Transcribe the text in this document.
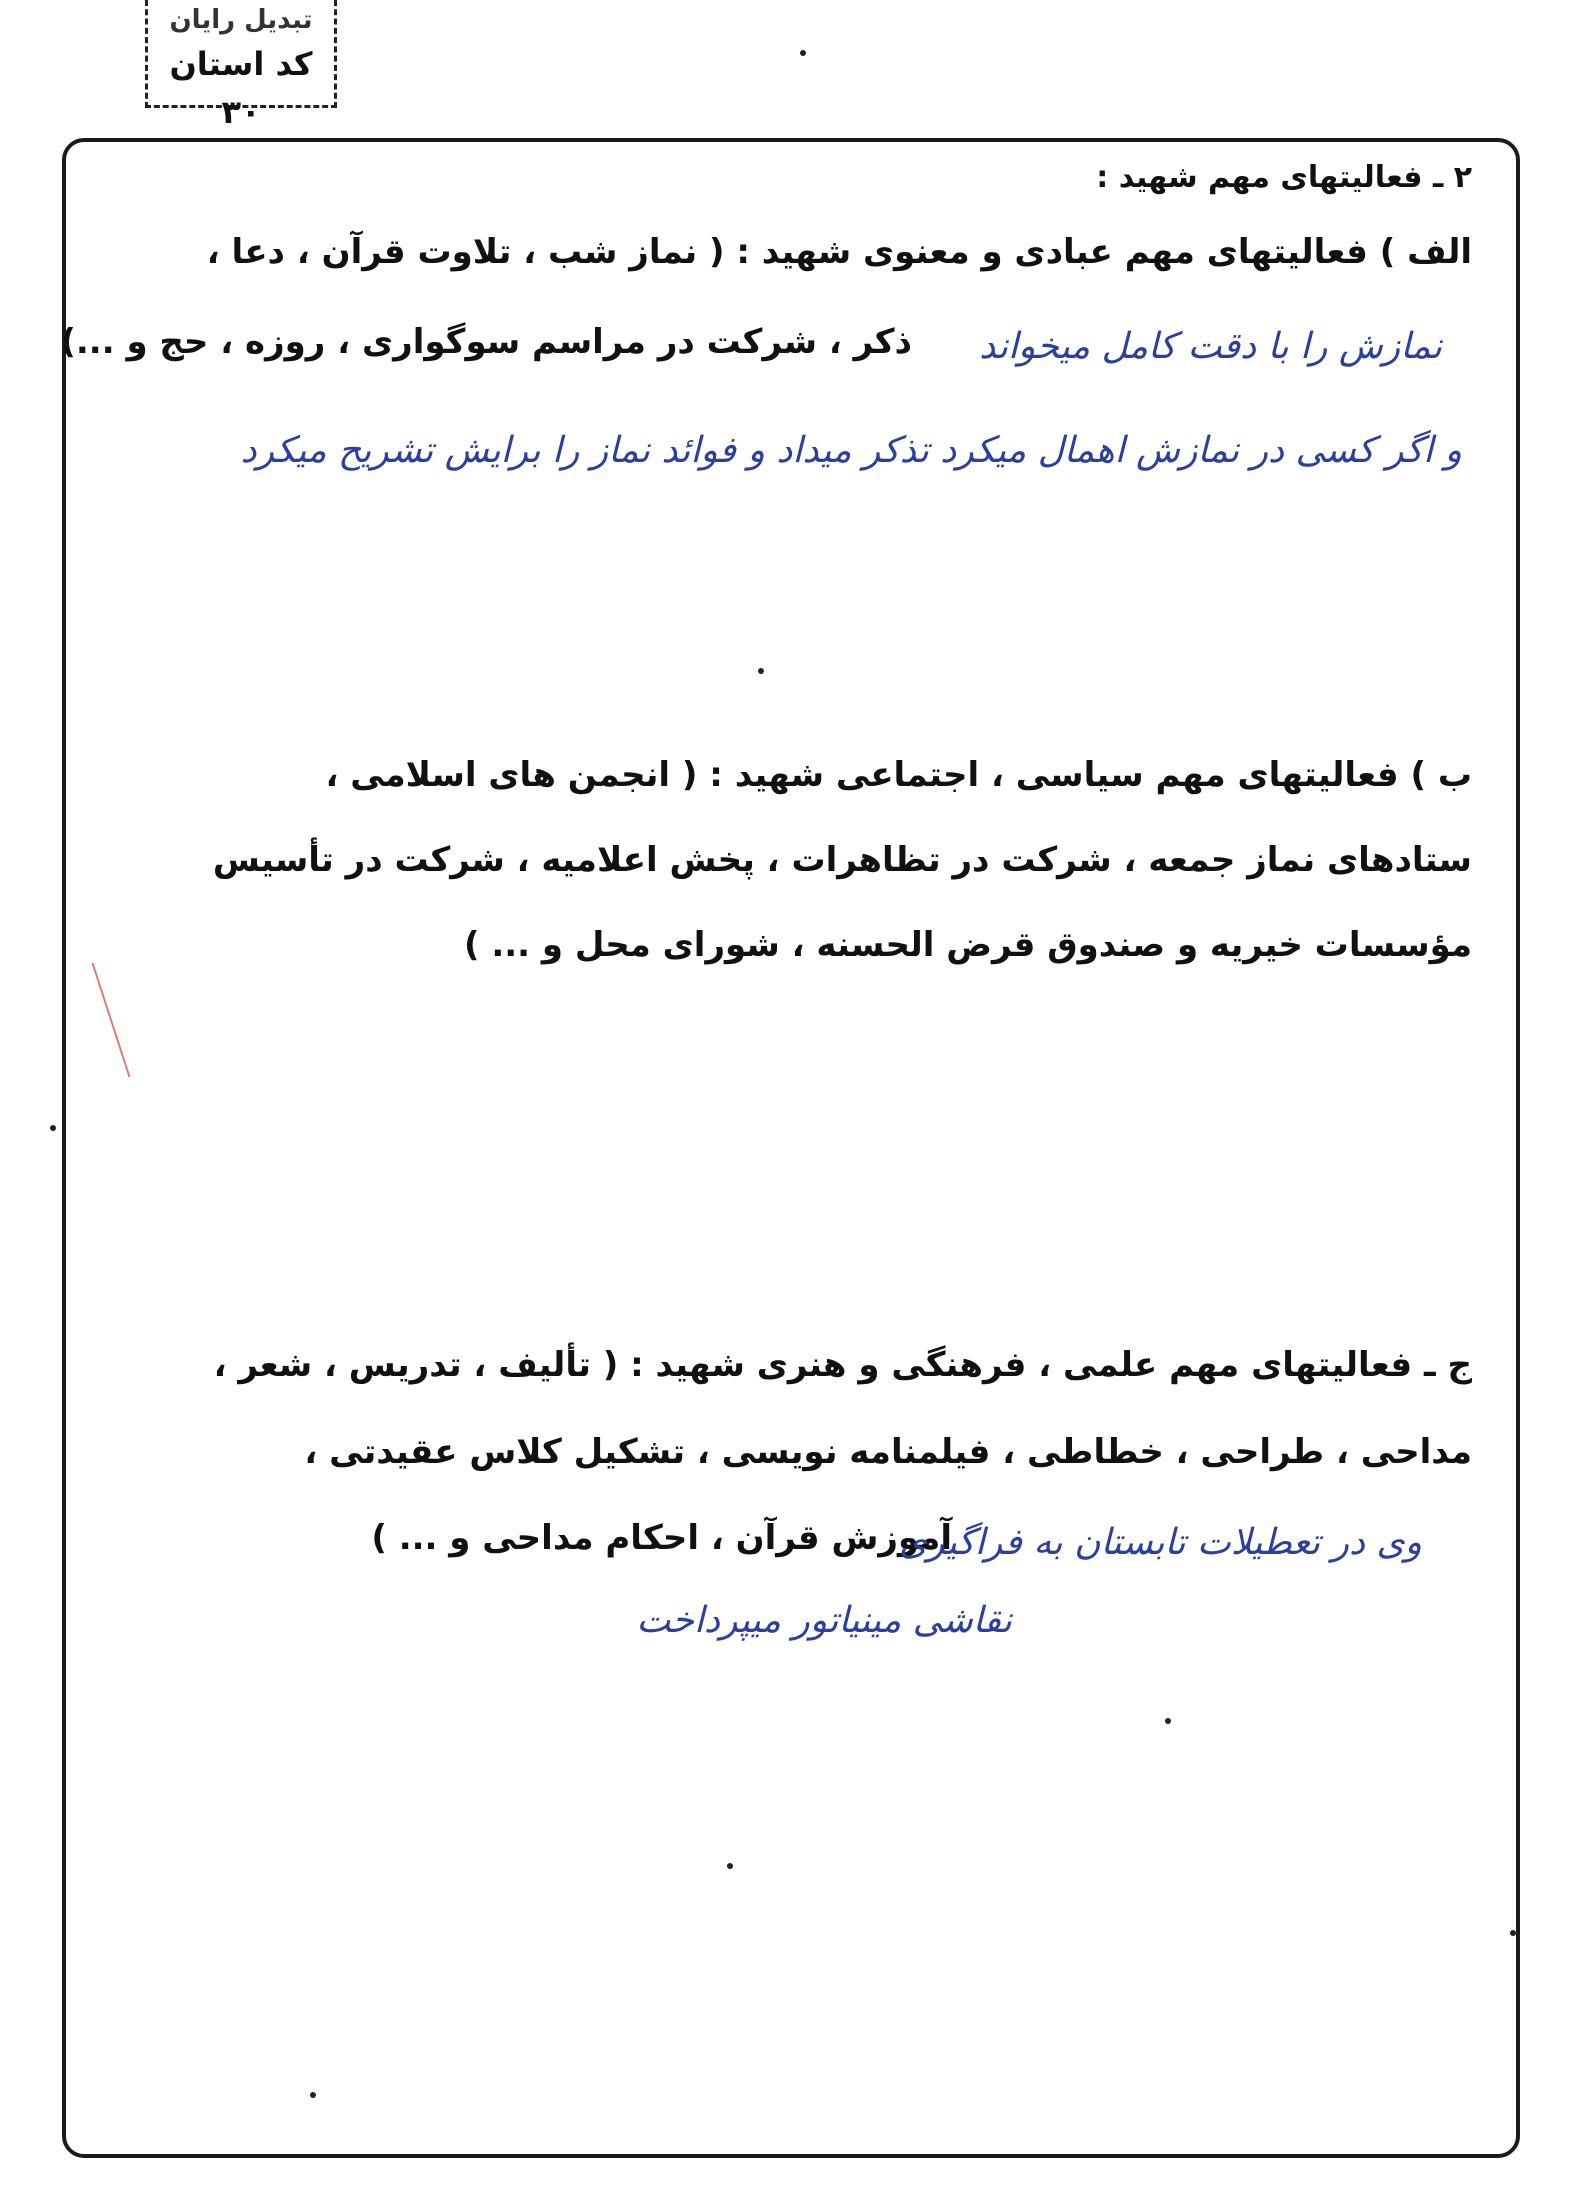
تبدیل رایان
کد استان ۳۰
۲ ـ فعالیتهای مهم شهید :
الف ) فعالیتهای مهم عبادی و معنوی شهید : ( نماز شب ، تلاوت قرآن ، دعا ،
ذکر ، شرکت در مراسم سوگواری ، روزه ، حج و ...) نمازش را با دقت کامل میخواند
و اگر کسی در نمازش اهمال میکرد تذکر میداد و فوائد نماز را برایش تشریح میکرد
ب ) فعالیتهای مهم سیاسی ، اجتماعی شهید : ( انجمن های اسلامی ،
ستادهای نماز جمعه ، شرکت در تظاهرات ، پخش اعلامیه ، شرکت در تأسیس
مؤسسات خیریه و صندوق قرض الحسنه ، شورای محل و ... )
ج ـ فعالیتهای مهم علمی ، فرهنگی و هنری شهید : ( تألیف ، تدریس ، شعر ،
مداحی ، طراحی ، خطاطی ، فیلمنامه نویسی ، تشکیل کلاس عقیدتی ،
آموزش قرآن ، احکام مداحی و ... )
وی در تعطیلات تابستان به فراگیری
نقاشی مینیاتور میپرداخت
